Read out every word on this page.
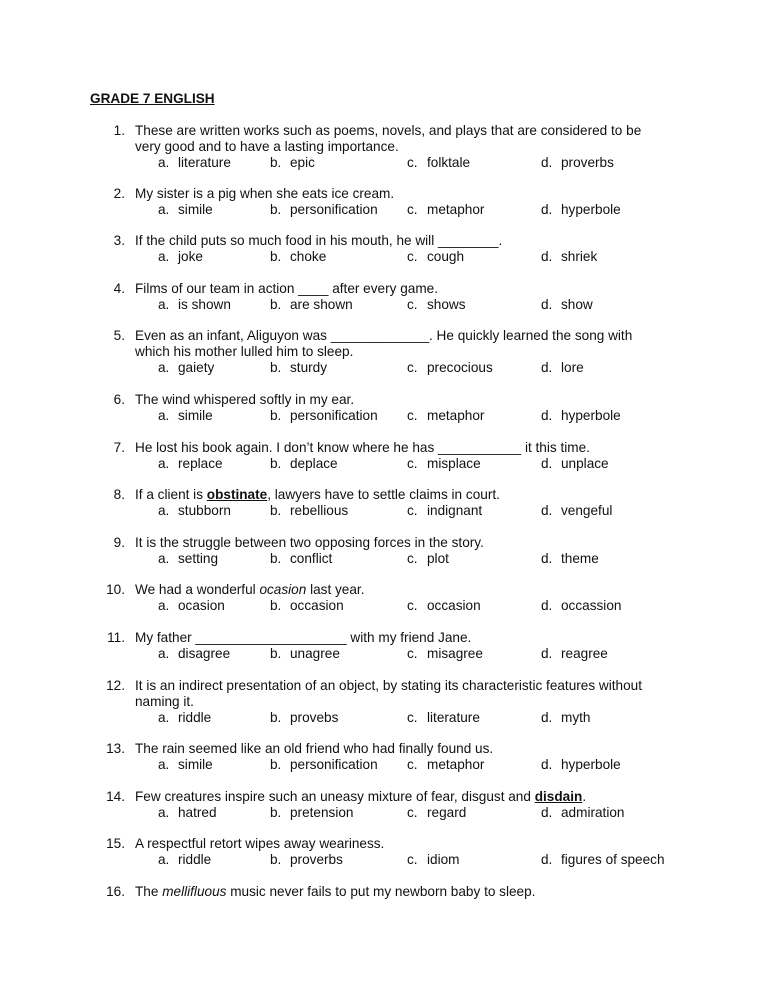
GRADE 7 ENGLISH
1. These are written works such as poems, novels, and plays that are considered to be
very good and to have a lasting importance.
a. literature	b. epic	c. folktale	d. proverbs
2. My sister is a pig when she eats ice cream.
a. simile	b. personification c. metaphor	d. hyperbole
3. If the child puts so much food in his mouth, he will ________.
a. joke	b. choke	c. cough	d. shriek
4. Films of our team in action ____ after every game.
a. is shown	b. are shown	c. shows	d. show
5. Even as an infant, Aliguyon was _____________. He quickly learned the song with
which his mother lulled him to sleep.
a. gaiety	b. sturdy	c. precocious	d. lore
6. The wind whispered softly in my ear.
a. simile	b. personification c. metaphor	d. hyperbole
7. He lost his book again. I don’t know where he has ___________ it this time.
a. replace	b. deplace	c. misplace	d. unplace
8. If a client is obstinate, lawyers have to settle claims in court.
a. stubborn	b. rebellious	c. indignant	d. vengeful
9. It is the struggle between two opposing forces in the story.
a. setting	b. conflict	c. plot	d. theme
10. We had a wonderful ocasion last year.
a. ocasion	b. occasion	c. occasion	d. occassion
11. My father ____________________ with my friend Jane.
a. disagree	b. unagree	c. misagree	d. reagree
12. It is an indirect presentation of an object, by stating its characteristic features without
naming it.
a. riddle	b. provebs	c. literature	d. myth
13. The rain seemed like an old friend who had finally found us.
a. simile	b. personification c. metaphor	d. hyperbole
14. Few creatures inspire such an uneasy mixture of fear, disgust and disdain.
a. hatred	b. pretension	c. regard	d. admiration
15. A respectful retort wipes away weariness.
a. riddle	b. proverbs	c. idiom	d. figures of speech
16. The mellifluous music never fails to put my newborn baby to sleep.
